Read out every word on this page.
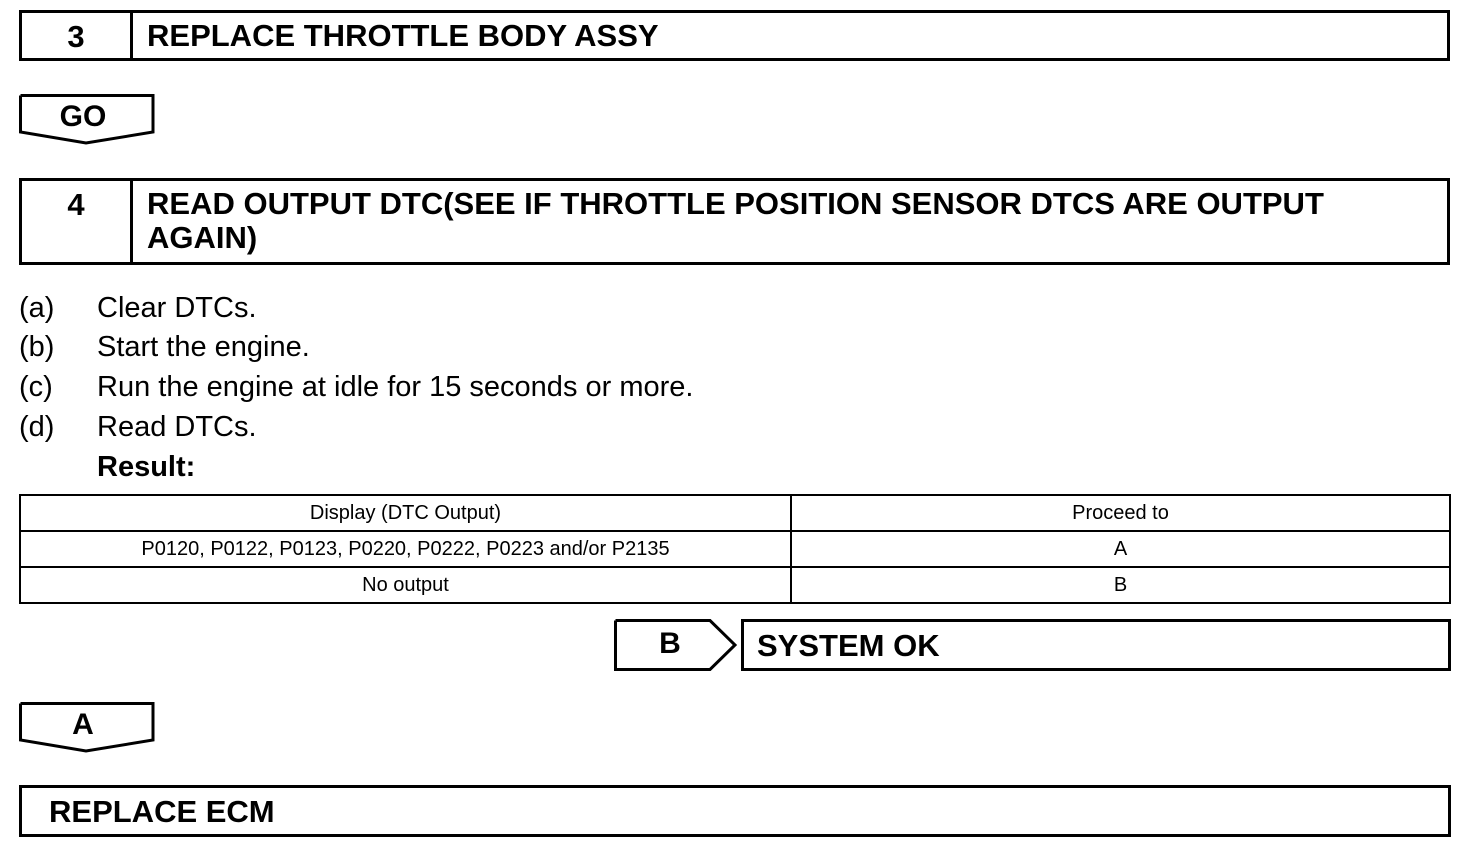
3	REPLACE THROTTLE BODY ASSY
GO
4	READ OUTPUT DTC(SEE IF THROTTLE POSITION SENSOR DTCS ARE OUTPUT
AGAIN)
(a) Clear DTCs.
(b) Start the engine.
(c) Run the engine at idle for 15 seconds or more.
(d) Read DTCs.
Result:
Display (DTC Output)	Proceed to
P0120, P0122, P0123, P0220, P0222, P0223 and/or P2135	A
No output	B
B	SYSTEM OK
A
REPLACE ECM
